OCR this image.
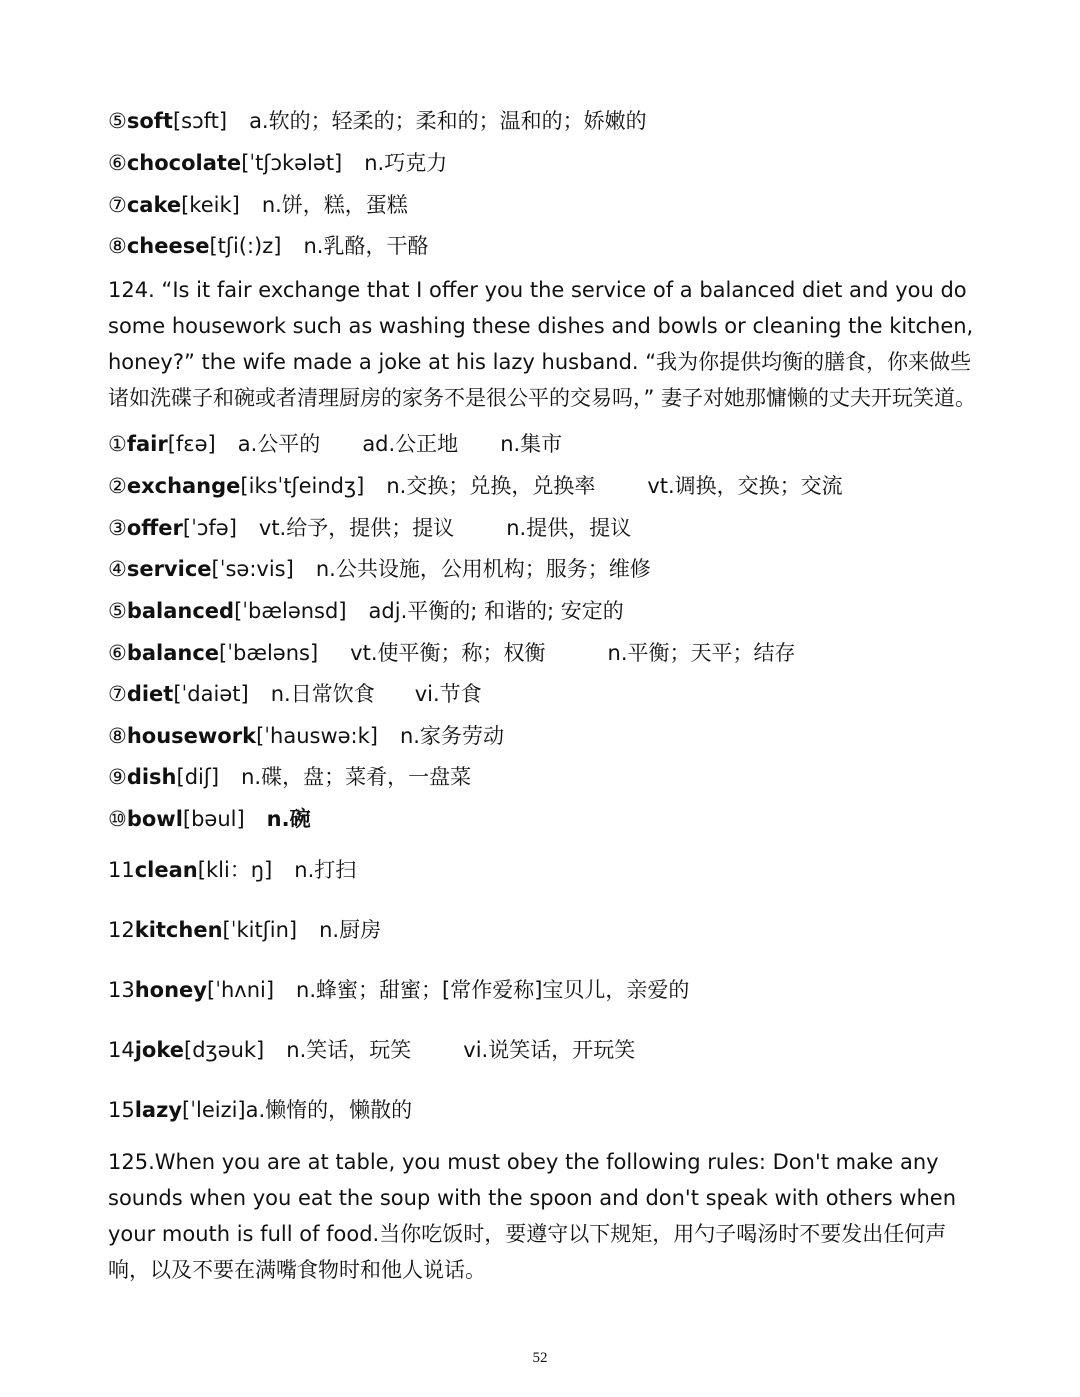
⑤soft[sɔft] a.软的；轻柔的；柔和的；温和的；娇嫩的
⑥chocolate[ˈtʃɔkələt] n.巧克力
⑦cake[keik] n.饼，糕，蛋糕
⑧cheese[tʃi(:)z] n.乳酪，干酪
124. “Is it fair exchange that I offer you the service of a balanced diet and you do some housework such as washing these dishes and bowls or cleaning the kitchen, honey?” the wife made a joke at his lazy husband. “我为你提供均衡的膳食，你来做些诸如洗碟子和碗或者清理厨房的家务不是很公平的交易吗，” 妻子对她那慵懒的丈夫开玩笑道。
①fair[fɛə] a.公平的 ad.公正地 n.集市
②exchange[iksˈtʃeindʒ] n.交换；兑换，兑换率 vt.调换，交换；交流
③offer[ˈɔfə] vt.给予，提供；提议 n.提供，提议
④service[ˈsə:vis] n.公共设施，公用机构；服务；维修
⑤balanced[ˈbælənsd] adj.平衡的; 和谐的; 安定的
⑥balance[ˈbæləns] vt.使平衡；称；权衡	n.平衡；天平；结存
⑦diet[ˈdaiət] n.日常饮食 vi.节食
⑧housework[ˈhauswə:k] n.家务劳动
⑨dish[diʃ] n.碟，盘；菜肴，一盘菜
⑩bowl[bəul] n.碗
11clean[kli：ŋ] n.打扫
12kitchen[ˈkitʃin] n.厨房
13honey[ˈhʌni] n.蜂蜜；甜蜜；[常作爱称]宝贝儿，亲爱的
14joke[dʒəuk] n.笑话，玩笑 vi.说笑话，开玩笑
15lazy[ˈleizi]a.懒惰的，懒散的
125.When you are at table, you must obey the following rules: Don't make any sounds when you eat the soup with the spoon and don't speak with others when your mouth is full of food.当你吃饭时，要遵守以下规矩，用勺子喝汤时不要发出任何声响，以及不要在满嘴食物时和他人说话。
52
